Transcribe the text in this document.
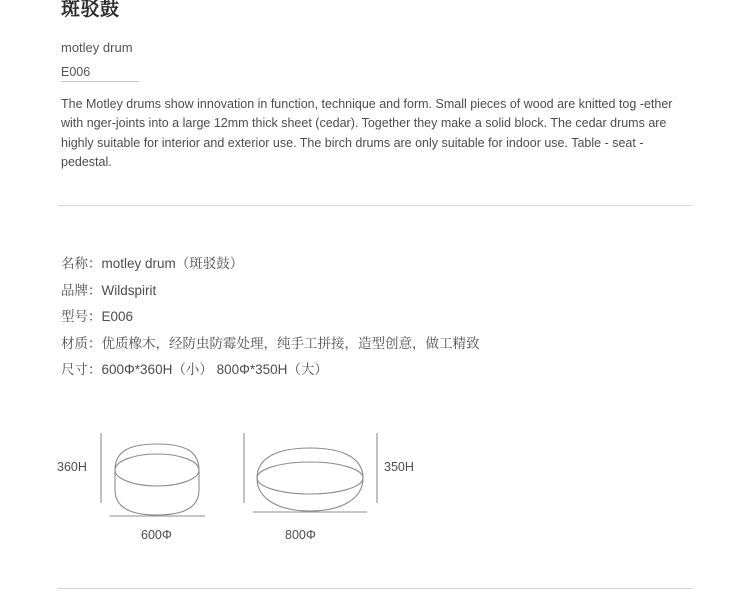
斑驳鼓
motley drum
E006

The Motley drums show innovation in function, technique and form. Small pieces of wood are knitted tog -ether with nger-joints into a large 12mm thick sheet (cedar). Together they make a solid block. The cedar drums are highly suitable for interior and exterior use. The birch drums are only suitable for indoor use. Table - seat - pedestal.

名称：motley drum（斑驳鼓）
品牌：Wildspirit
型号：E006
材质：优质橡木，经防虫防霉处理，纯手工拼接，造型创意，做工精致
尺寸：600Φ*360H（小） 800Φ*350H（大）
360H	350H
600Φ	800Φ
